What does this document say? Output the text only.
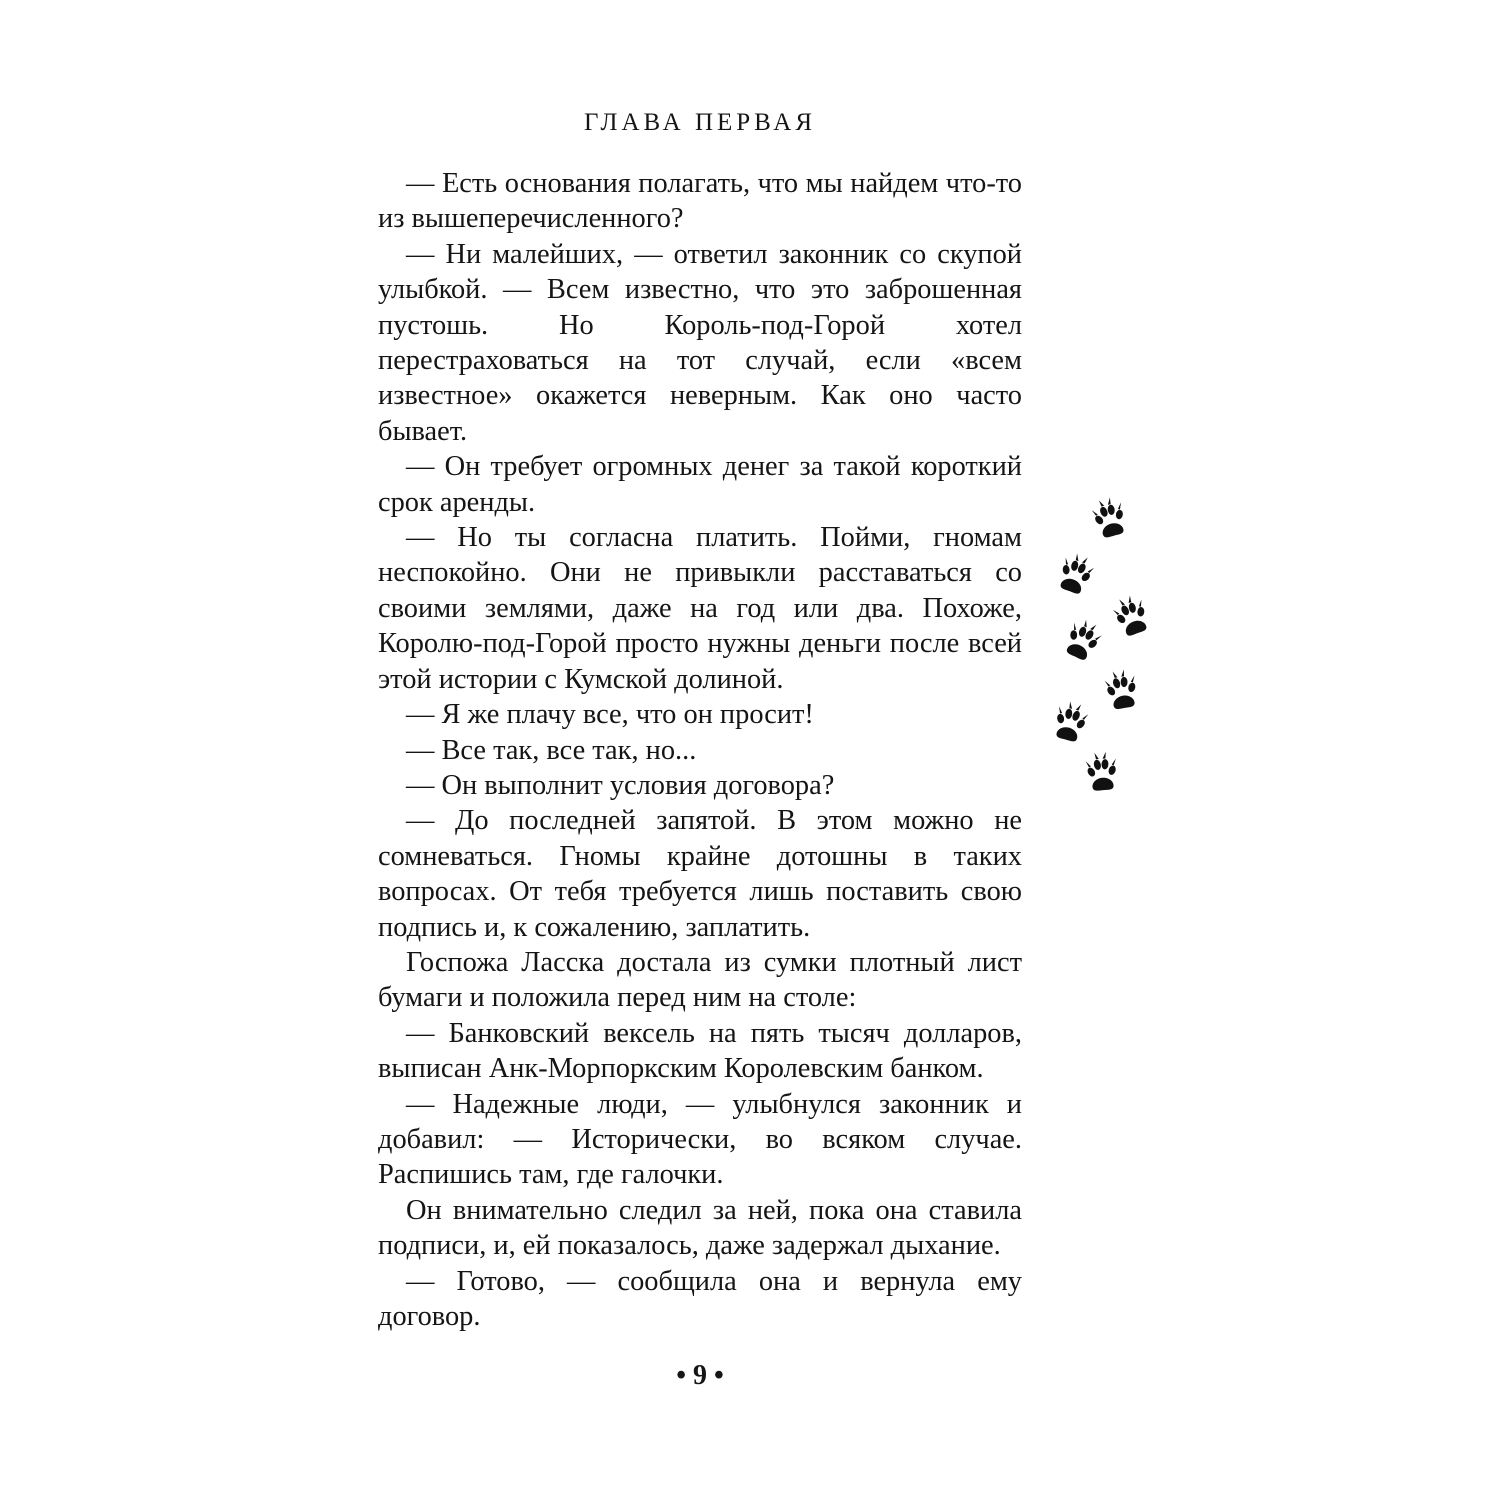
ГЛАВА ПЕРВАЯ

— Есть основания полагать, что мы найдем что-то из вышеперечисленного?

— Ни малейших, — ответил законник со скупой улыбкой. — Всем известно, что это заброшенная пустошь. Но Король-под-Горой хотел перестраховаться на тот случай, если «всем известное» окажется неверным. Как оно часто бывает.

— Он требует огромных денег за такой короткий срок аренды.

— Но ты согласна платить. Пойми, гномам неспокойно. Они не привыкли расставаться со своими землями, даже на год или два. Похоже, Королю-под-Горой просто нужны деньги после всей этой истории с Кумской долиной.

— Я же плачу все, что он просит!

— Все так, все так, но...

— Он выполнит условия договора?

— До последней запятой. В этом можно не сомневаться. Гномы крайне дотошны в таких вопросах. От тебя требуется лишь поставить свою подпись и, к сожалению, заплатить.

Госпожа Ласска достала из сумки плотный лист бумаги и положила перед ним на столе:

— Банковский вексель на пять тысяч долларов, выписан Анк-Морпоркским Королевским банком.

— Надежные люди, — улыбнулся законник и добавил: — Исторически, во всяком случае. Распишись там, где галочки.

Он внимательно следил за ней, пока она ставила подписи, и, ей показалось, даже задержал дыхание.

— Готово, — сообщила она и вернула ему договор.

• 9 •
